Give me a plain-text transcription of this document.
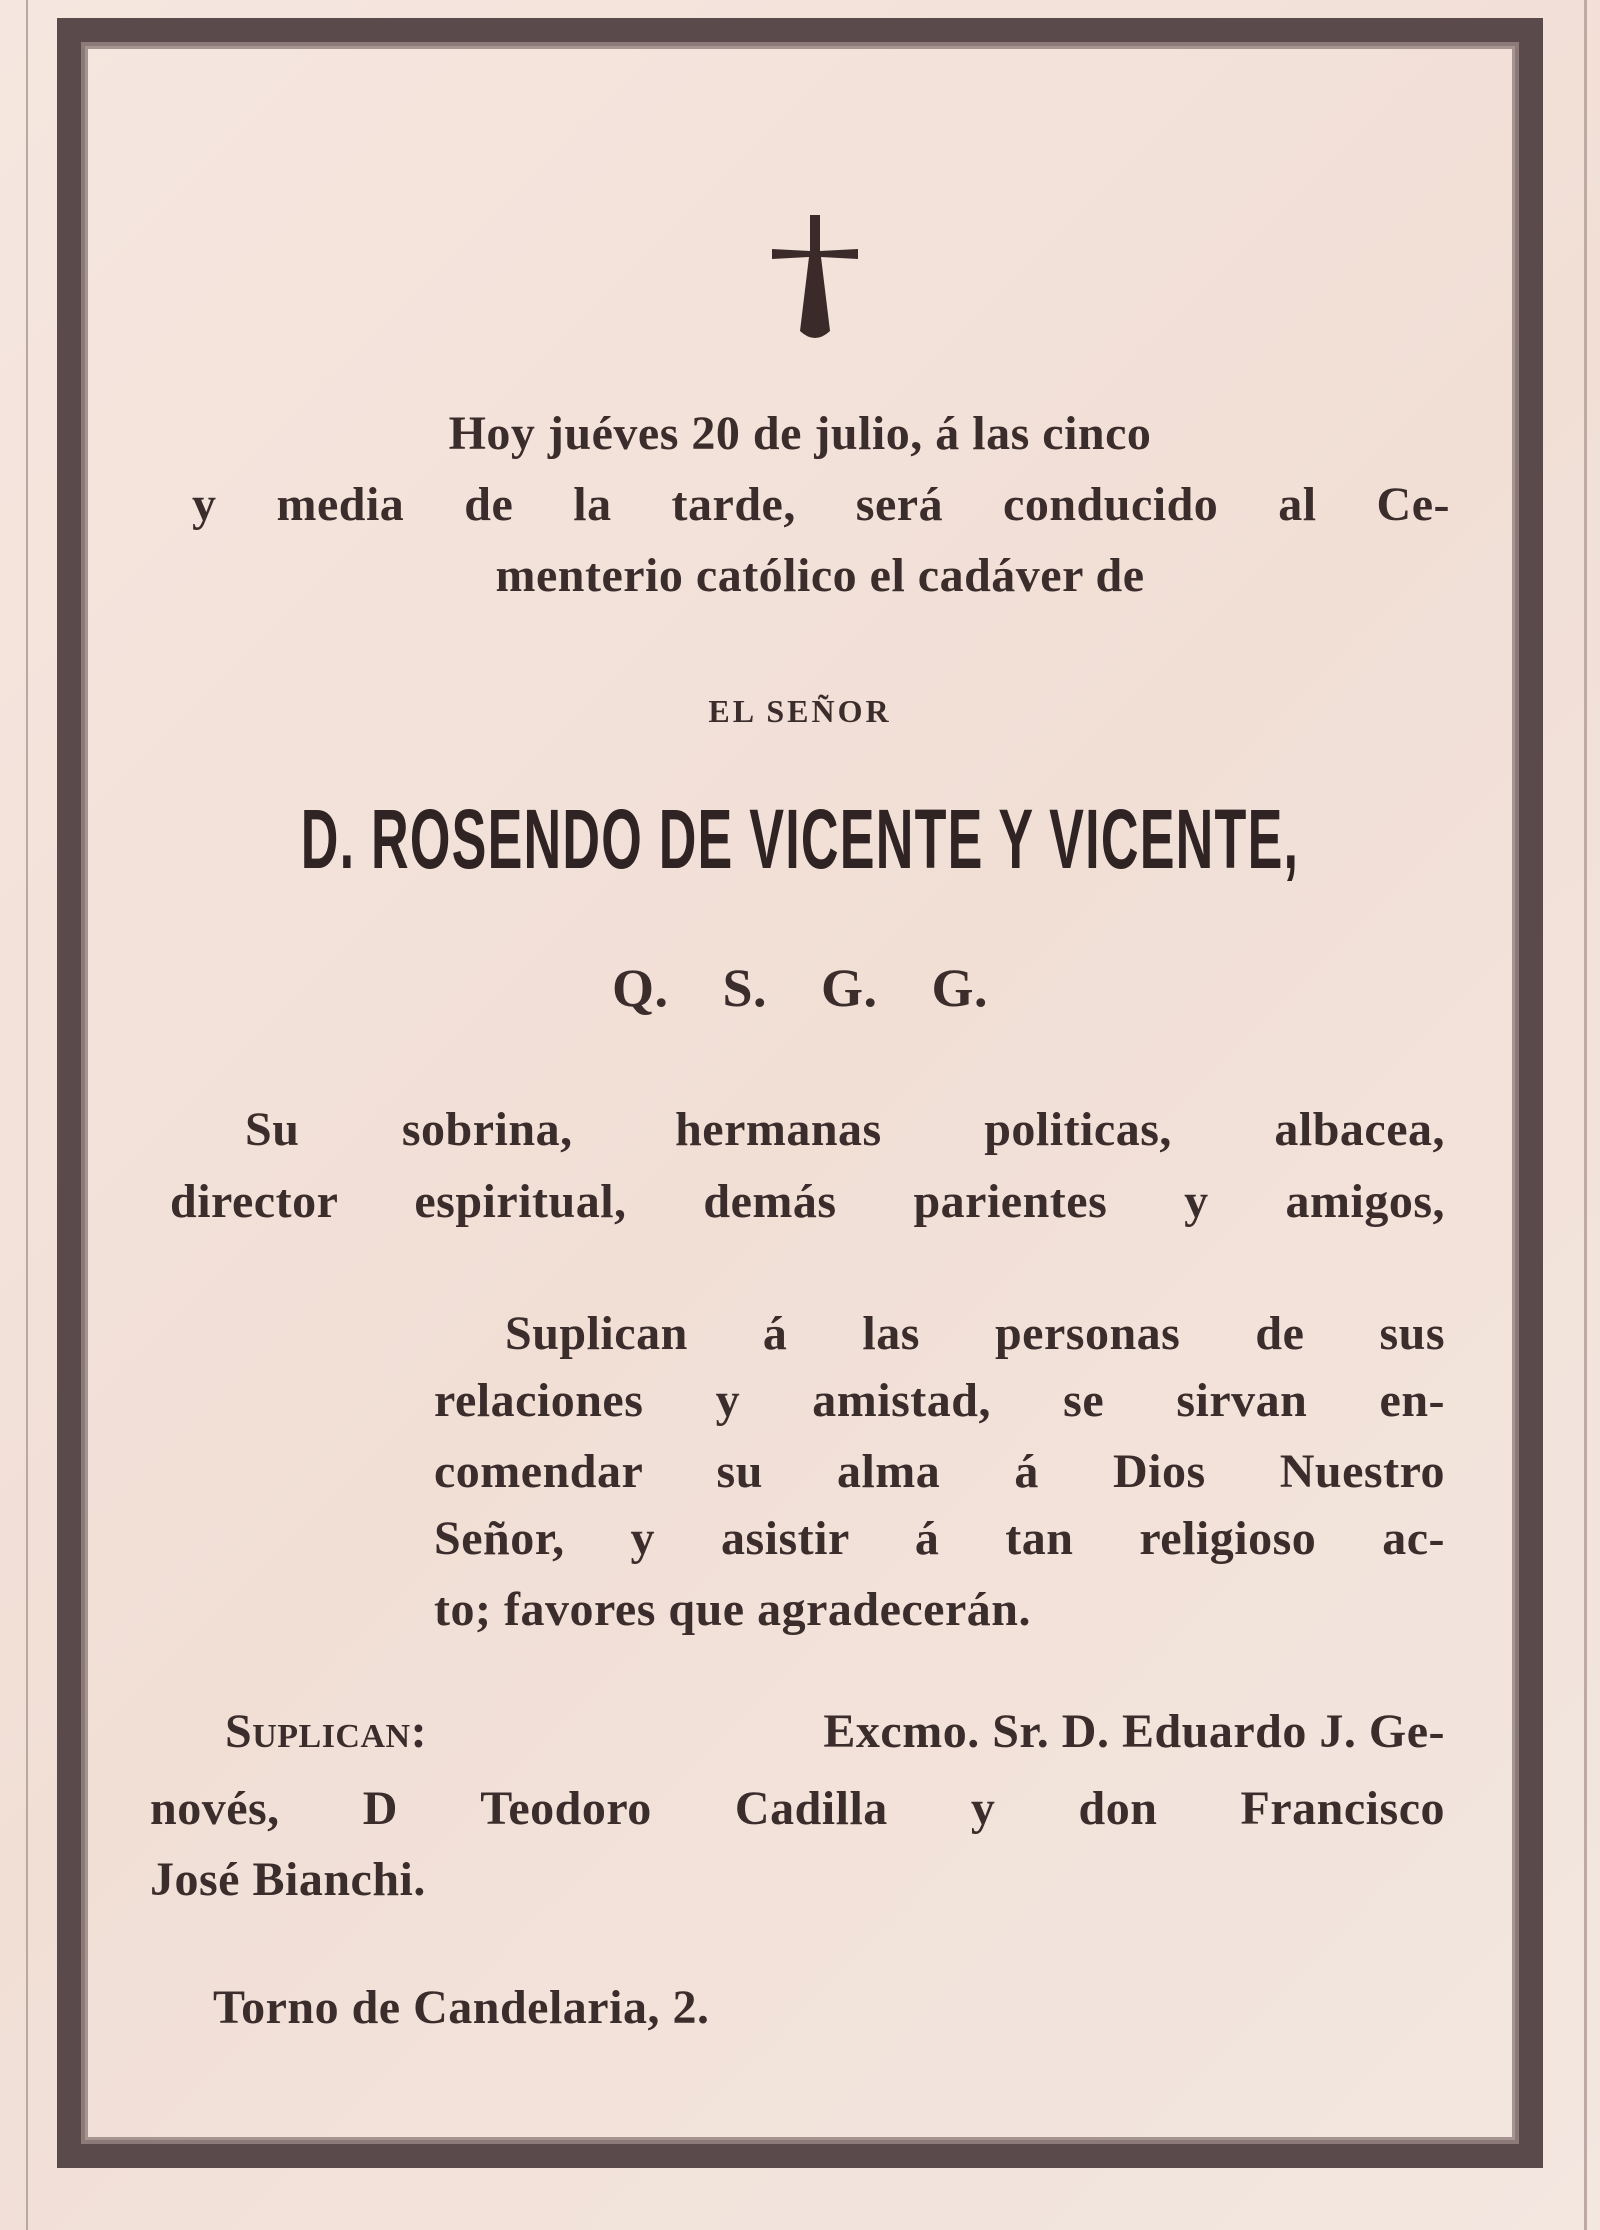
Hoy juéves 20 de julio, á las cinco
y media de la tarde, será conducido al Ce-
menterio católico el cadáver de
EL SEÑOR
D. ROSENDO DE VICENTE Y VICENTE,
Q. S. G. G.
Su sobrina, hermanas politicas, albacea,
director espiritual, demás parientes y amigos,
Suplican á las personas de sus
relaciones y amistad, se sirvan en-
comendar su alma á Dios Nuestro
Señor, y asistir á tan religioso ac-
to; favores que agradecerán.
Suplican:	Excmo. Sr. D. Eduardo J. Ge-
novés, D Teodoro Cadilla y don Francisco
José Bianchi.
Torno de Candelaria, 2.
